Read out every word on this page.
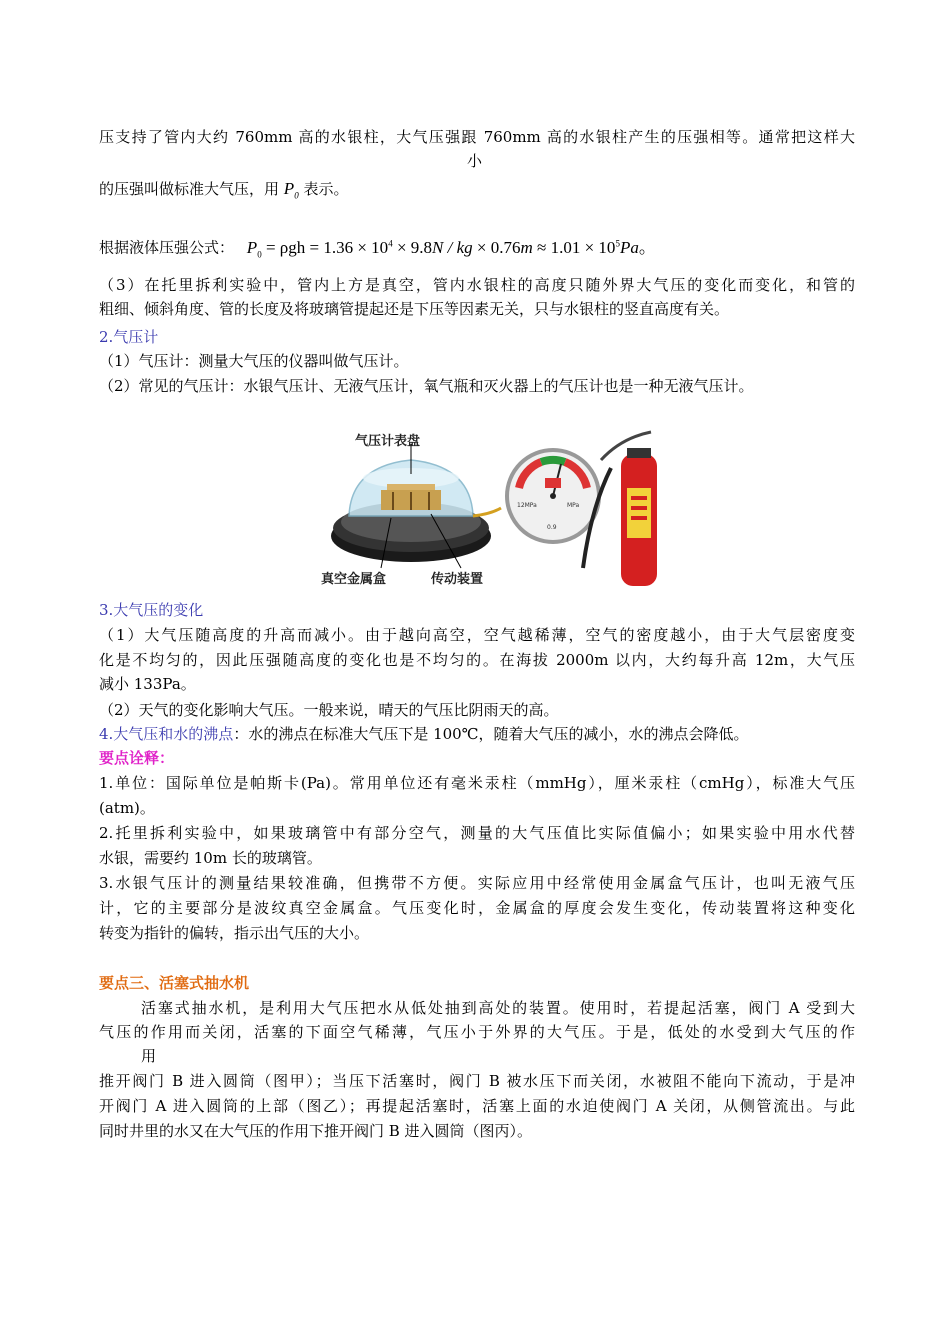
压支持了管内大约 760mm 高的水银柱，大气压强跟 760mm 高的水银柱产生的压强相等。通常把这样大
小
的压强叫做标准大气压，用 $P_0$ 表示。
根据液体压强公式： $P_0 = \rho gh = 1.36 \times 10^4 \times 9.8N$ / kg × $0.76m \approx 1.01 \times 10^5Pa$。
（3）在托里拆利实验中，管内上方是真空，管内水银柱的高度只随外界大气压的变化而变化，和管的
粗细、倾斜角度、管的长度及将玻璃管提起还是下压等因素无关，只与水银柱的竖直高度有关。
2.气压计
（1）气压计：测量大气压的仪器叫做气压计。
（2）常见的气压计：水银气压计、无液气压计，氧气瓶和灭火器上的气压计也是一种无液气压计。
气压计表盘
真空金属盒	传动装置
12MPa	MPa
0.9
3.大气压的变化
（1）大气压随高度的升高而减小。由于越向高空，空气越稀薄，空气的密度越小，由于大气层密度变
化是不均匀的，因此压强随高度的变化也是不均匀的。在海拔 2000m 以内，大约每升高 12m，大气压
减小 133Pa。
（2）天气的变化影响大气压。一般来说，晴天的气压比阴雨天的高。
4.大气压和水的沸点：水的沸点在标准大气压下是 100℃，随着大气压的减小，水的沸点会降低。
要点诠释：
1.单位：国际单位是帕斯卡(Pa)。常用单位还有毫米汞柱（mmHg），厘米汞柱（cmHg），标准大气压
(atm)。
2.托里拆利实验中，如果玻璃管中有部分空气，测量的大气压值比实际值偏小；如果实验中用水代替
水银，需要约 10m 长的玻璃管。
3.水银气压计的测量结果较准确，但携带不方便。实际应用中经常使用金属盒气压计，也叫无液气压
计，它的主要部分是波纹真空金属盒。气压变化时，金属盒的厚度会发生变化，传动装置将这种变化
转变为指针的偏转，指示出气压的大小。
要点三、活塞式抽水机
活塞式抽水机，是利用大气压把水从低处抽到高处的装置。使用时，若提起活塞，阀门 A 受到大
气压的作用而关闭，活塞的下面空气稀薄，气压小于外界的大气压。于是，低处的水受到大气压的作
用
推开阀门 B 进入圆筒（图甲）；当压下活塞时，阀门 B 被水压下而关闭，水被阻不能向下流动，于是冲
开阀门 A 进入圆筒的上部（图乙）；再提起活塞时，活塞上面的水迫使阀门 A 关闭，从侧管流出。与此
同时井里的水又在大气压的作用下推开阀门 B 进入圆筒（图丙）。
